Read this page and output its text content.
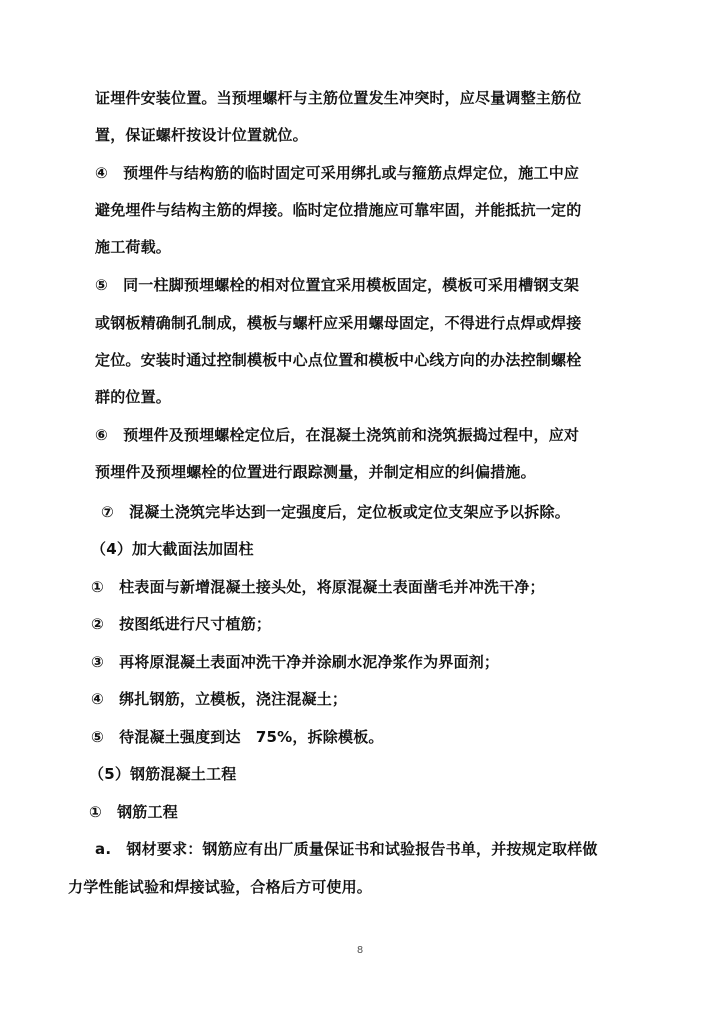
证埋件安装位置。当预埋螺杆与主筋位置发生冲突时，应尽量调整主筋位
置，保证螺杆按设计位置就位。
④　预埋件与结构筋的临时固定可采用绑扎或与箍筋点焊定位，施工中应
避免埋件与结构主筋的焊接。临时定位措施应可靠牢固，并能抵抗一定的
施工荷载。
⑤　同一柱脚预埋螺栓的相对位置宜采用模板固定，模板可采用槽钢支架
或钢板精确制孔制成，模板与螺杆应采用螺母固定，不得进行点焊或焊接
定位。安装时通过控制模板中心点位置和模板中心线方向的办法控制螺栓
群的位置。
⑥　预埋件及预埋螺栓定位后，在混凝土浇筑前和浇筑振捣过程中，应对
预埋件及预埋螺栓的位置进行跟踪测量，并制定相应的纠偏措施。
⑦　混凝土浇筑完毕达到一定强度后，定位板或定位支架应予以拆除。
（4）加大截面法加固柱
①　柱表面与新增混凝土接头处，将原混凝土表面凿毛并冲洗干净；
②　按图纸进行尺寸植筋；
③　再将原混凝土表面冲洗干净并涂刷水泥净浆作为界面剂；
④　绑扎钢筋，立模板，浇注混凝土；
⑤　待混凝土强度到达　75%，拆除模板。
（5）钢筋混凝土工程
①　钢筋工程
a.　钢材要求：钢筋应有出厂质量保证书和试验报告书单，并按规定取样做
力学性能试验和焊接试验，合格后方可使用。
8
